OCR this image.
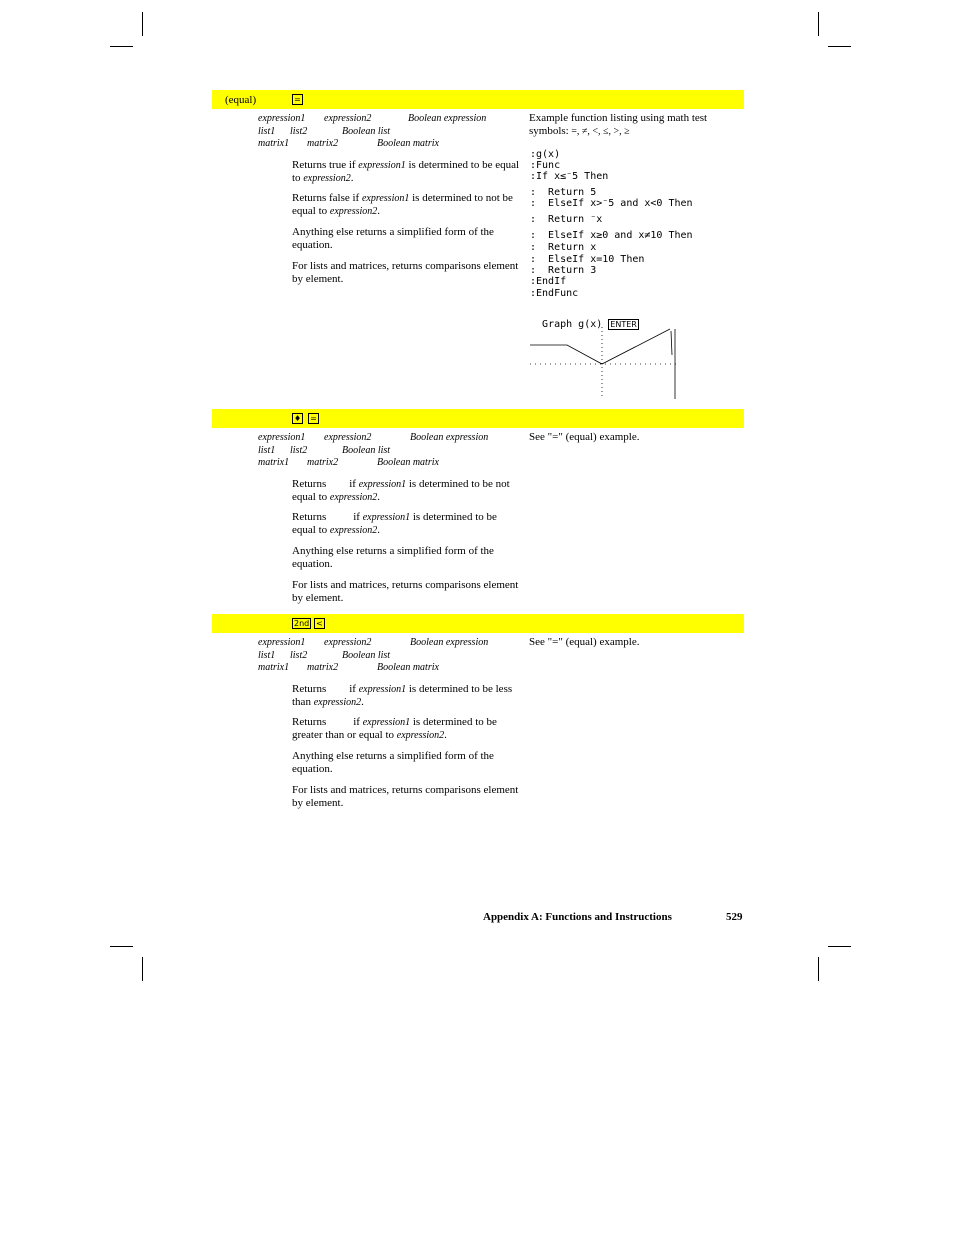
(equal)	=
expression1 expression2	Boolean expression
list1 list2	Boolean list
matrix1 matrix2	Boolean matrix
Returns true if expression1 is determined to be equal to expression2.
Returns false if expression1 is determined to not be equal to expression2.
Anything else returns a simplified form of the equation.
For lists and matrices, returns comparisons element by element.
Example function listing using math test symbols: =, ≠, <, ≤, >, ≥
:g(x)
:Func
:If x≤⁻5 Then
:  Return 5
:  ElseIf x>⁻5 and x<0 Then
:  Return ⁻x
:  ElseIf x≥0 and x≠10 Then
:  Return x
:  ElseIf x=10 Then
:  Return 3
:EndIf
:EndFunc

Graph g(x) ENTER

♦ =
expression1 expression2	Boolean expression
list1 list2	Boolean list
matrix1 matrix2	Boolean matrix
Returns if expression1 is determined to be not equal to expression2.
Returns if expression1 is determined to be equal to expression2.
Anything else returns a simplified form of the equation.
For lists and matrices, returns comparisons element by element.
See "=" (equal) example.
2nd <
expression1 expression2	Boolean expression
list1 list2	Boolean list
matrix1 matrix2	Boolean matrix
Returns if expression1 is determined to be less than expression2.
Returns if expression1 is determined to be greater than or equal to expression2.
Anything else returns a simplified form of the equation.
For lists and matrices, returns comparisons element by element.
See "=" (equal) example.
Appendix A: Functions and Instructions	529
